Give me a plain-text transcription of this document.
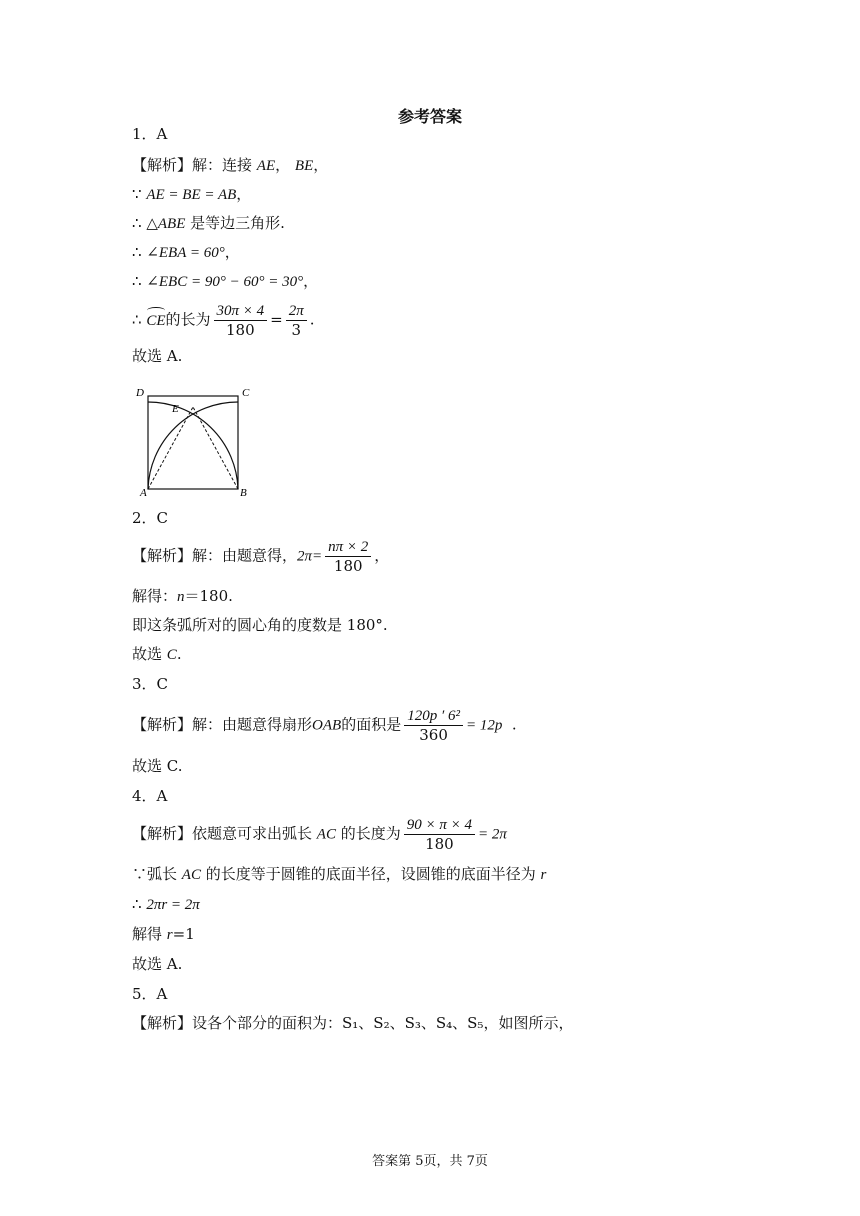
参考答案
1．A
【解析】解：连接 AE， BE，
∵ AE = BE = AB，
∴ △ABE 是等边三角形.
∴ ∠EBA = 60°，
∴ ∠EBC = 90° − 60° = 30°，
∴ CE的长为 $\frac{30\pi \times 4}{180} = \frac{2\pi}{3}$ .
故选 A.
D	C
E
A	B
2．C
【解析】解：由题意得，$2\pi= \frac{n\pi \times 2}{180}$ ，
解得：n＝180.
即这条弧所对的圆心角的度数是 180°.
故选 C.
3．C
【解析】解：由题意得扇形OAB的面积是 $\frac{\text{120p ′ 6²}}{360} = 12p$ .
故选 C.
4．A
【解析】依题意可求出弧长 AC 的长度为 $\frac{90 \times \pi \times 4}{180} = 2\pi$
∵弧长 AC 的长度等于圆锥的底面半径，设圆锥的底面半径为 r
∴ 2πr = 2π
解得 r=1
故选 A.
5．A
【解析】设各个部分的面积为：S₁、S₂、S₃、S₄、S₅，如图所示，
答案第 5页，共 7页
